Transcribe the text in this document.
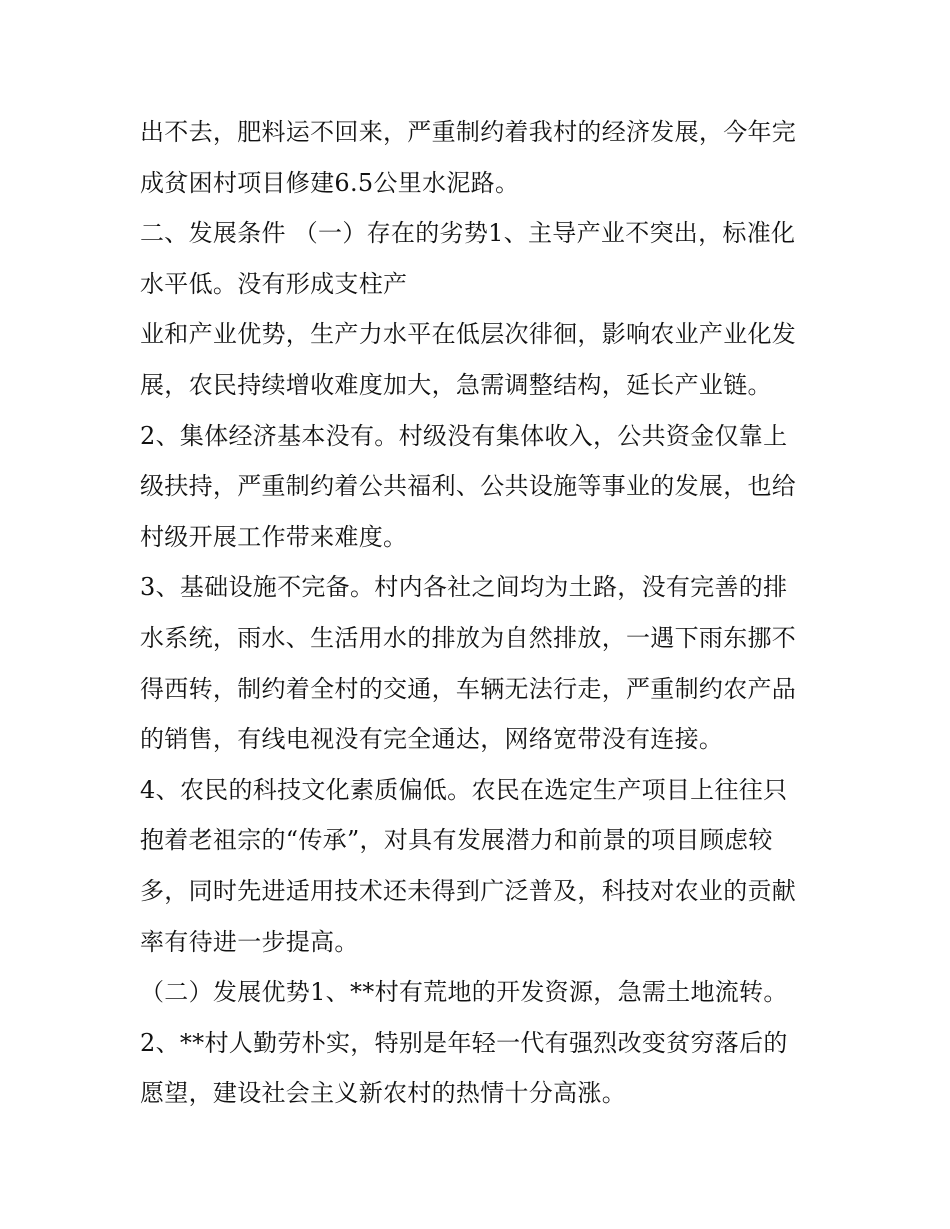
出不去，肥料运不回来，严重制约着我村的经济发展，今年完
成贫困村项目修建6.5公里水泥路。
二、发展条件 （一）存在的劣势1、主导产业不突出，标准化
水平低。没有形成支柱产
业和产业优势，生产力水平在低层次徘徊，影响农业产业化发
展，农民持续增收难度加大，急需调整结构，延长产业链。
2、集体经济基本没有。村级没有集体收入，公共资金仅靠上
级扶持，严重制约着公共福利、公共设施等事业的发展，也给
村级开展工作带来难度。
3、基础设施不完备。村内各社之间均为土路，没有完善的排
水系统，雨水、生活用水的排放为自然排放，一遇下雨东挪不
得西转，制约着全村的交通，车辆无法行走，严重制约农产品
的销售，有线电视没有完全通达，网络宽带没有连接。
4、农民的科技文化素质偏低。农民在选定生产项目上往往只
抱着老祖宗的“传承”，对具有发展潜力和前景的项目顾虑较
多，同时先进适用技术还未得到广泛普及，科技对农业的贡献
率有待进一步提高。
（二）发展优势1、**村有荒地的开发资源，急需土地流转。
2、**村人勤劳朴实，特别是年轻一代有强烈改变贫穷落后的
愿望，建设社会主义新农村的热情十分高涨。
